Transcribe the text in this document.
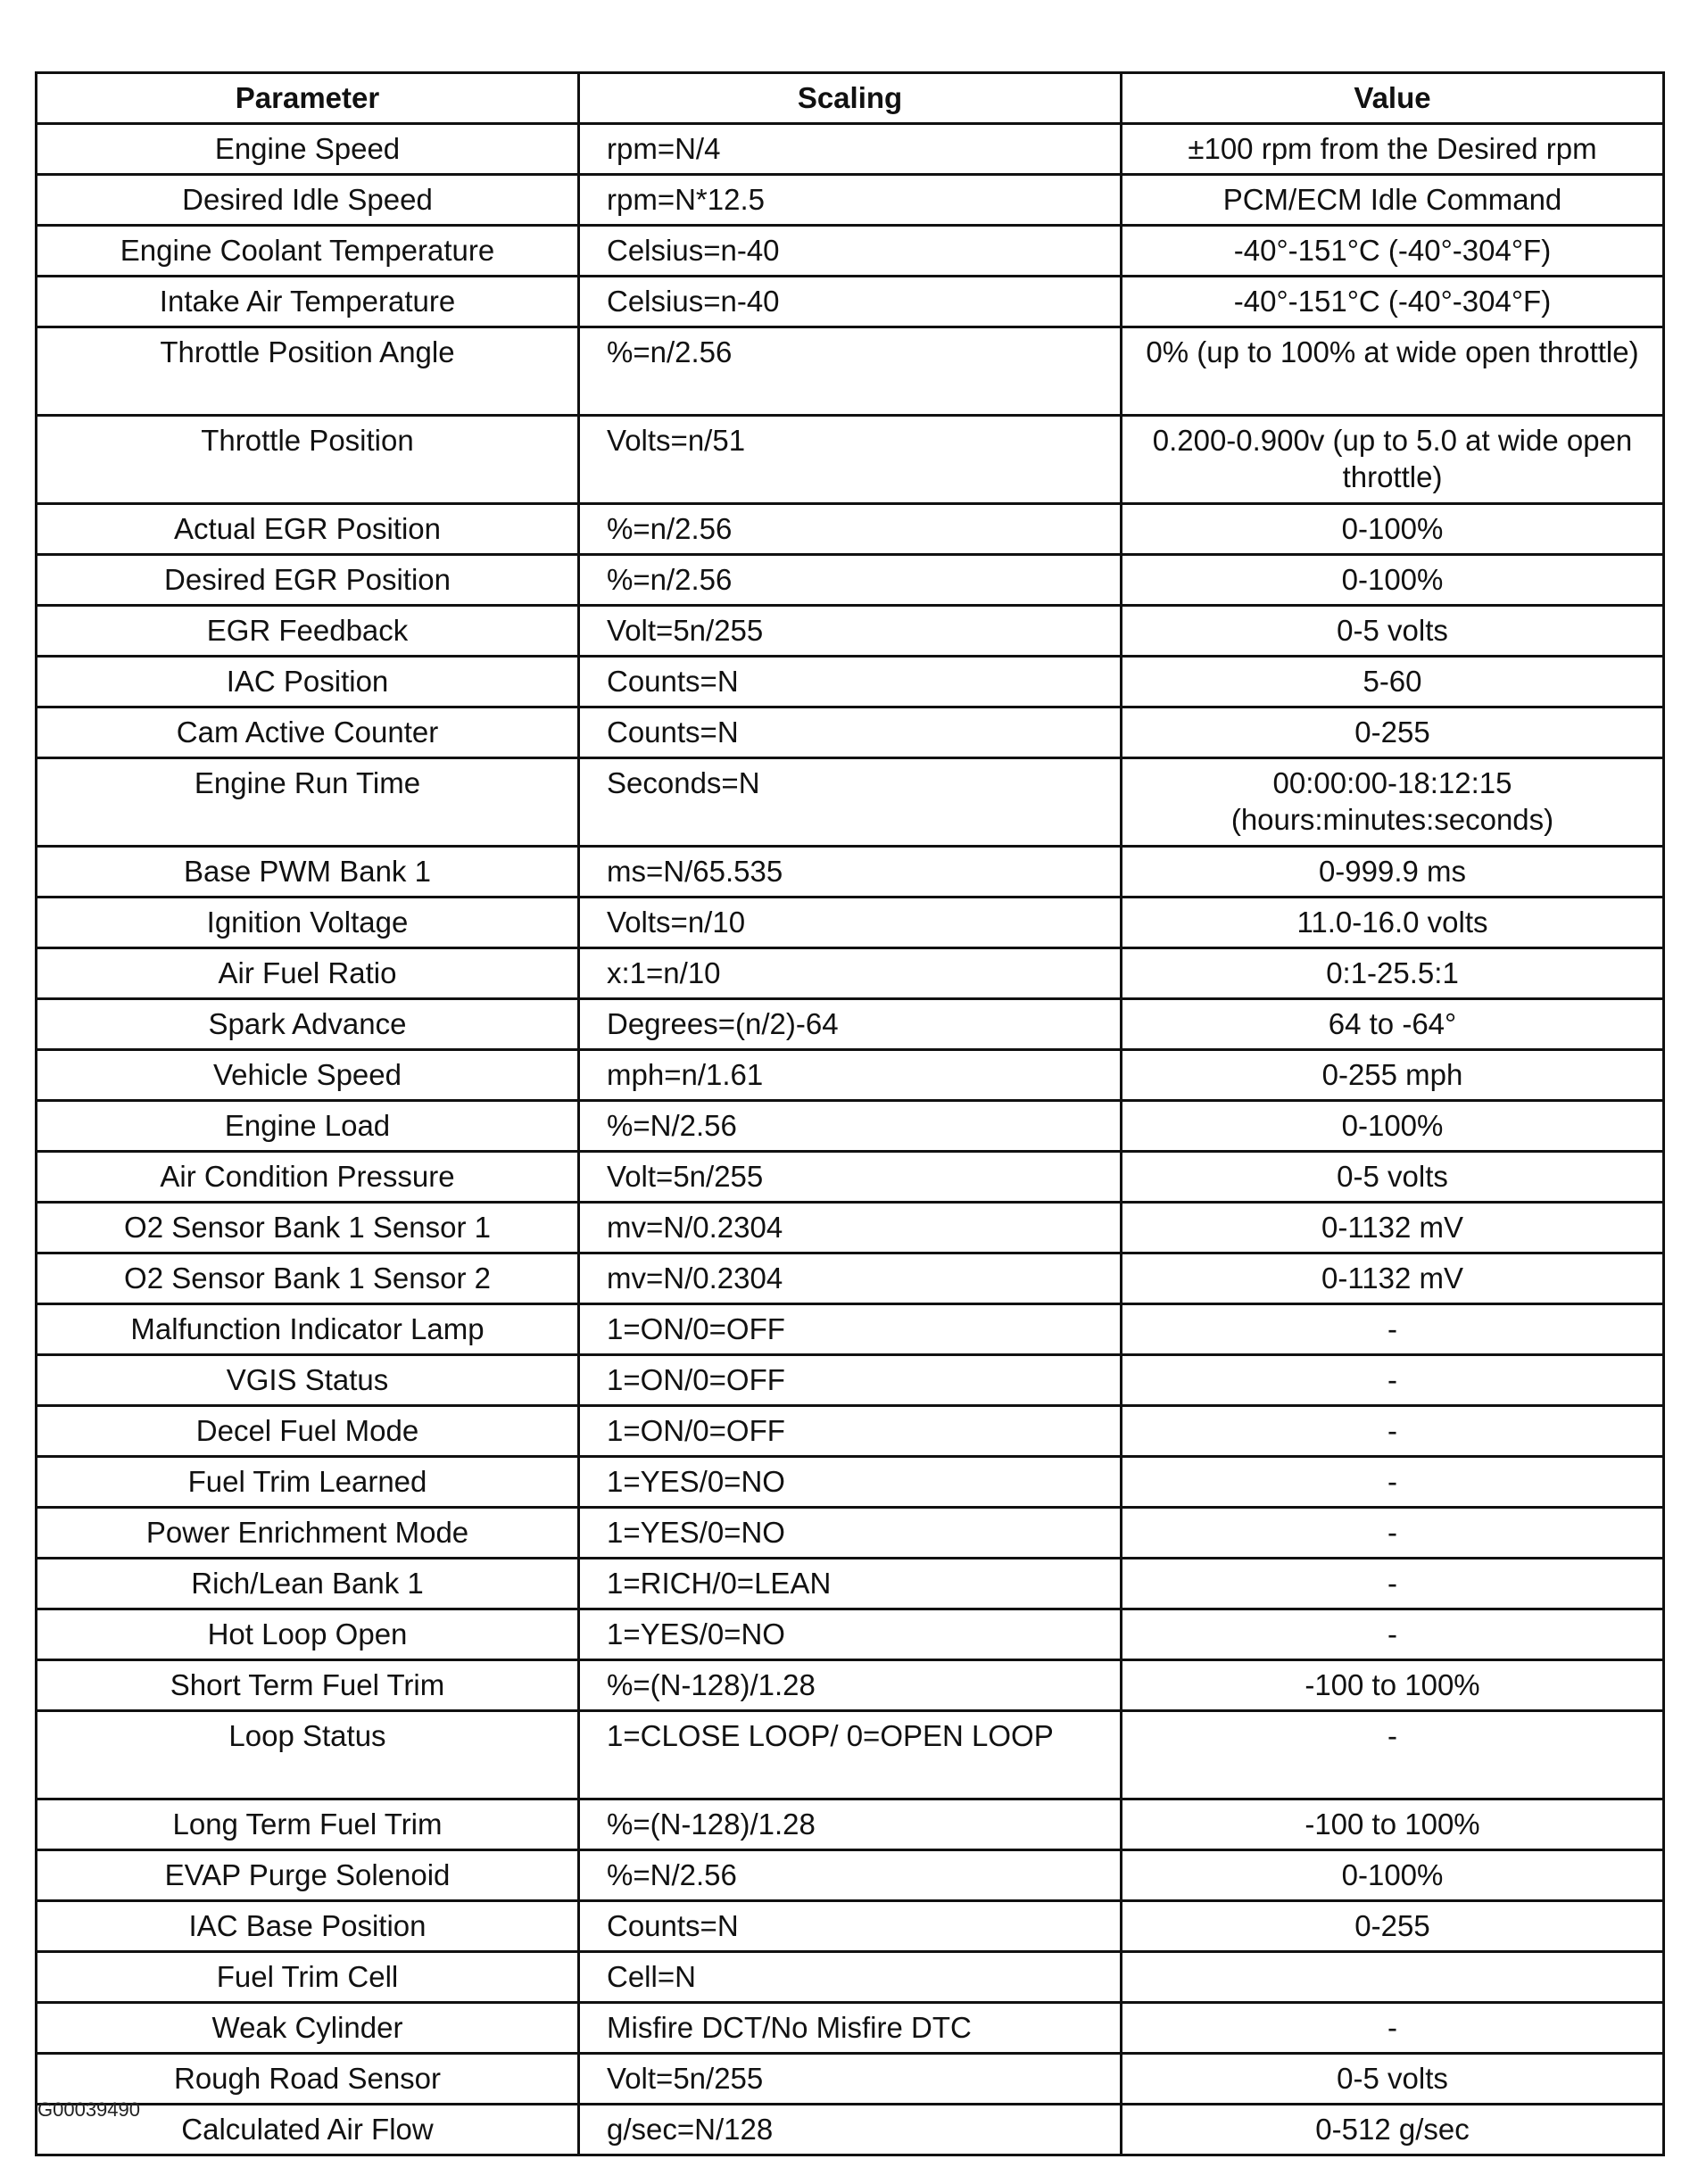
Parameter	Scaling	Value
Engine Speed	rpm=N/4	±100 rpm from the Desired rpm
Desired Idle Speed	rpm=N*12.5	PCM/ECM Idle Command
Engine Coolant Temperature	Celsius=n-40	-40°-151°C (-40°-304°F)
Intake Air Temperature	Celsius=n-40	-40°-151°C (-40°-304°F)
Throttle Position Angle	%=n/2.56	0% (up to 100% at wide open throttle)
Throttle Position	Volts=n/51	0.200-0.900v (up to 5.0 at wide open throttle)
Actual EGR Position	%=n/2.56	0-100%
Desired EGR Position	%=n/2.56	0-100%
EGR Feedback	Volt=5n/255	0-5 volts
IAC Position	Counts=N	5-60
Cam Active Counter	Counts=N	0-255
Engine Run Time	Seconds=N	00:00:00-18:12:15 (hours:minutes:seconds)
Base PWM Bank 1	ms=N/65.535	0-999.9 ms
Ignition Voltage	Volts=n/10	11.0-16.0 volts
Air Fuel Ratio	x:1=n/10	0:1-25.5:1
Spark Advance	Degrees=(n/2)-64	64 to -64°
Vehicle Speed	mph=n/1.61	0-255 mph
Engine Load	%=N/2.56	0-100%
Air Condition Pressure	Volt=5n/255	0-5 volts
O2 Sensor Bank 1 Sensor 1	mv=N/0.2304	0-1132 mV
O2 Sensor Bank 1 Sensor 2	mv=N/0.2304	0-1132 mV
Malfunction Indicator Lamp	1=ON/0=OFF	-
VGIS Status	1=ON/0=OFF	-
Decel Fuel Mode	1=ON/0=OFF	-
Fuel Trim Learned	1=YES/0=NO	-
Power Enrichment Mode	1=YES/0=NO	-
Rich/Lean Bank 1	1=RICH/0=LEAN	-
Hot Loop Open	1=YES/0=NO	-
Short Term Fuel Trim	%=(N-128)/1.28	-100 to 100%
Loop Status	1=CLOSE LOOP/ 0=OPEN LOOP	-
Long Term Fuel Trim	%=(N-128)/1.28	-100 to 100%
EVAP Purge Solenoid	%=N/2.56	0-100%
IAC Base Position	Counts=N	0-255
Fuel Trim Cell	Cell=N	
Weak Cylinder	Misfire DCT/No Misfire DTC	-
Rough Road Sensor	Volt=5n/255	0-5 volts
Calculated Air Flow	g/sec=N/128	0-512 g/sec
G00039490
